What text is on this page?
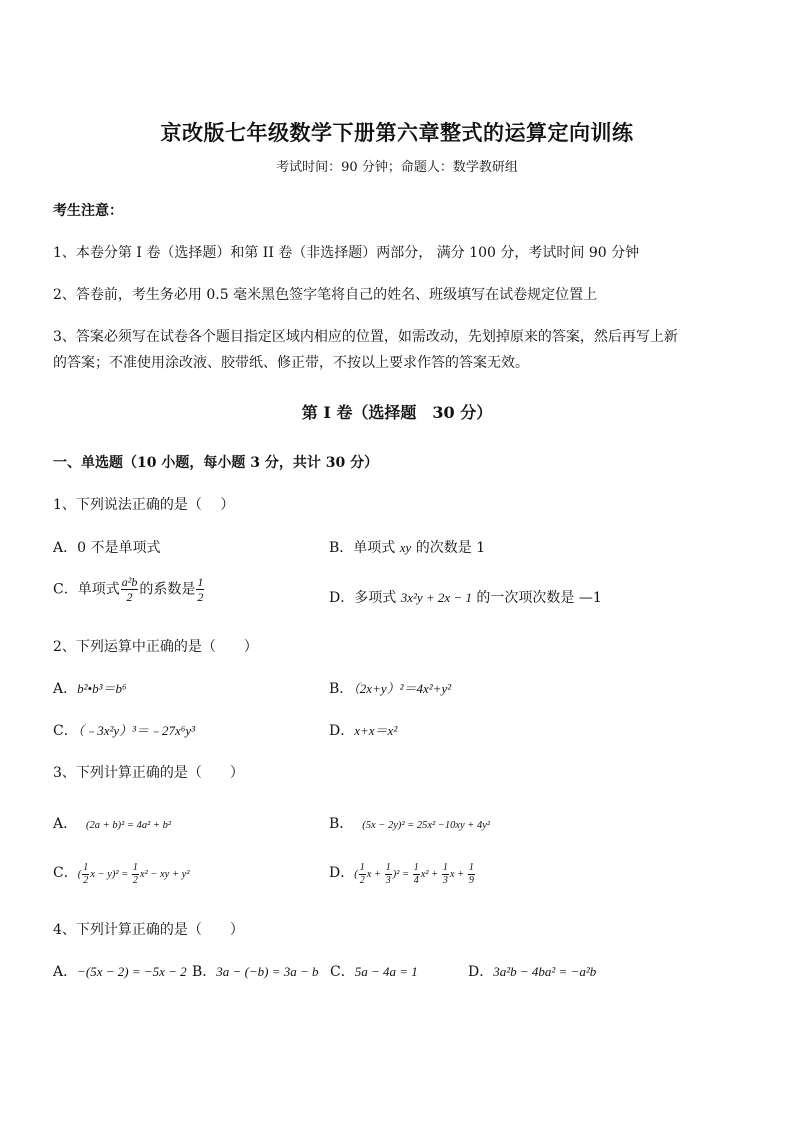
京改版七年级数学下册第六章整式的运算定向训练
考试时间：90 分钟；命题人：数学教研组
考生注意：
1、本卷分第 I 卷（选择题）和第 II 卷（非选择题）两部分， 满分 100 分，考试时间 90 分钟
2、答卷前，考生务必用 0.5 毫米黑色签字笔将自己的姓名、班级填写在试卷规定位置上
3、答案必须写在试卷各个题目指定区域内相应的位置，如需改动，先划掉原来的答案，然后再写上新
的答案；不准使用涂改液、胶带纸、修正带，不按以上要求作答的答案无效。
第 I 卷（选择题　30 分）
一、单选题（10 小题，每小题 3 分，共计 30 分）
1、下列说法正确的是（　 ）
A．0 不是单项式	B．单项式 xy 的次数是 1
C．单项式 $\frac{\text{a²b}}{2}$ 的系数是 $\frac{1}{2}$	D．多项式 3x²y + 2x − 1 的一次项次数是 —1
2、下列运算中正确的是（　　）
A．b²•b³＝b⁶	B．（2x+y）²＝4x²+y²
C．（﹣3x²y）³＝﹣27x⁶y³	D．x+x＝x²
3、下列计算正确的是（　　）
A． (2a + b)² = 4a² + b²	B． (5x − 2y)² = 25x² −10xy + 4y²
C．( $\frac{1}{2}$ $x - y)^2 = \frac{1}{2} x^2$ − xy + y²	D．( $\frac{1}{2}$ $x + \frac{1}{3} )^2 = \frac{1}{4} x^2 + \frac{1}{3}$ $x + \frac{1}{9}$
4、下列计算正确的是（　　）
A．−(5x − 2) = −5x − 2 B．3a − (−b) = 3a − b C．5a − 4a = 1	D．3a²b − 4ba² = −a²b
